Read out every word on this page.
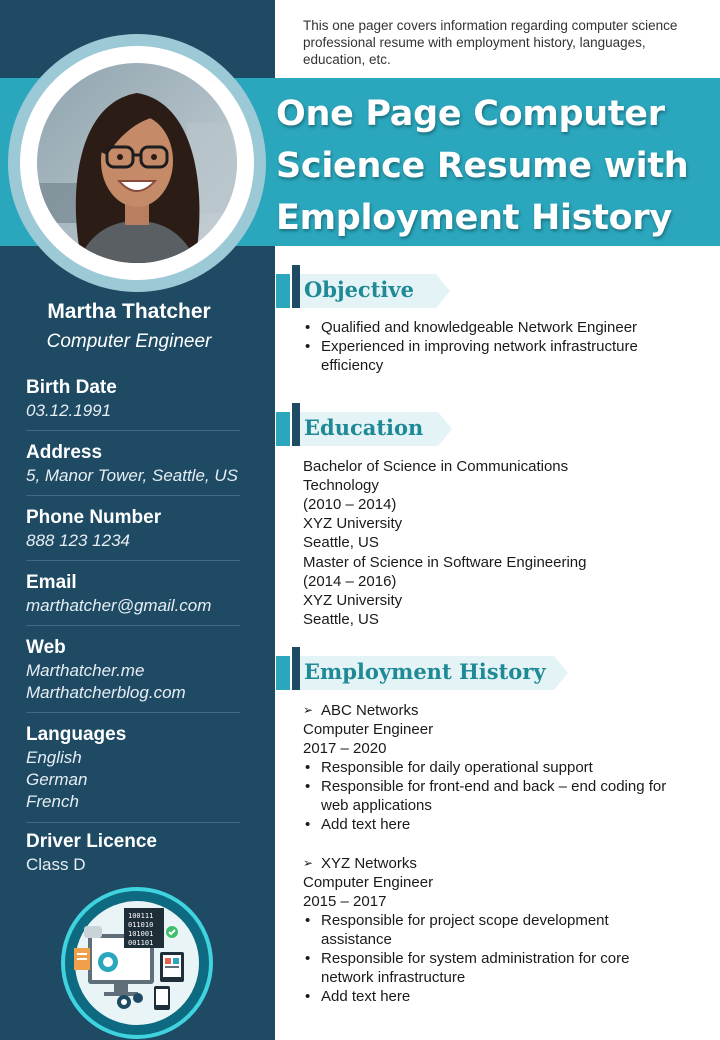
This one pager covers information regarding computer science professional resume with employment history, languages, education, etc.

One Page Computer Science Resume with Employment History
Martha Thatcher
Computer Engineer
Birth Date
03.12.1991
Address
5, Manor Tower, Seattle, US
Phone Number
888 123 1234
Email
marthatcher@gmail.com
Web
Marthatcher.me
Marthatcherblog.com
Languages
English
German
French
Driver Licence
Class D
100111
011010
101001
001101
Objective
• Qualified and knowledgeable Network Engineer
• Experienced in improving network infrastructure efficiency
Education
Bachelor of Science in Communications Technology
(2010 – 2014)
XYZ University
Seattle, US
Master of Science in Software Engineering
(2014 – 2016)
XYZ University
Seattle, US
Employment History
➢ ABC Networks
Computer Engineer
2017 – 2020
• Responsible for daily operational support
• Responsible for front-end and back – end coding for web applications
• Add text here
➢ XYZ Networks
Computer Engineer
2015 – 2017
• Responsible for project scope development assistance
• Responsible for system administration for core network infrastructure
• Add text here
